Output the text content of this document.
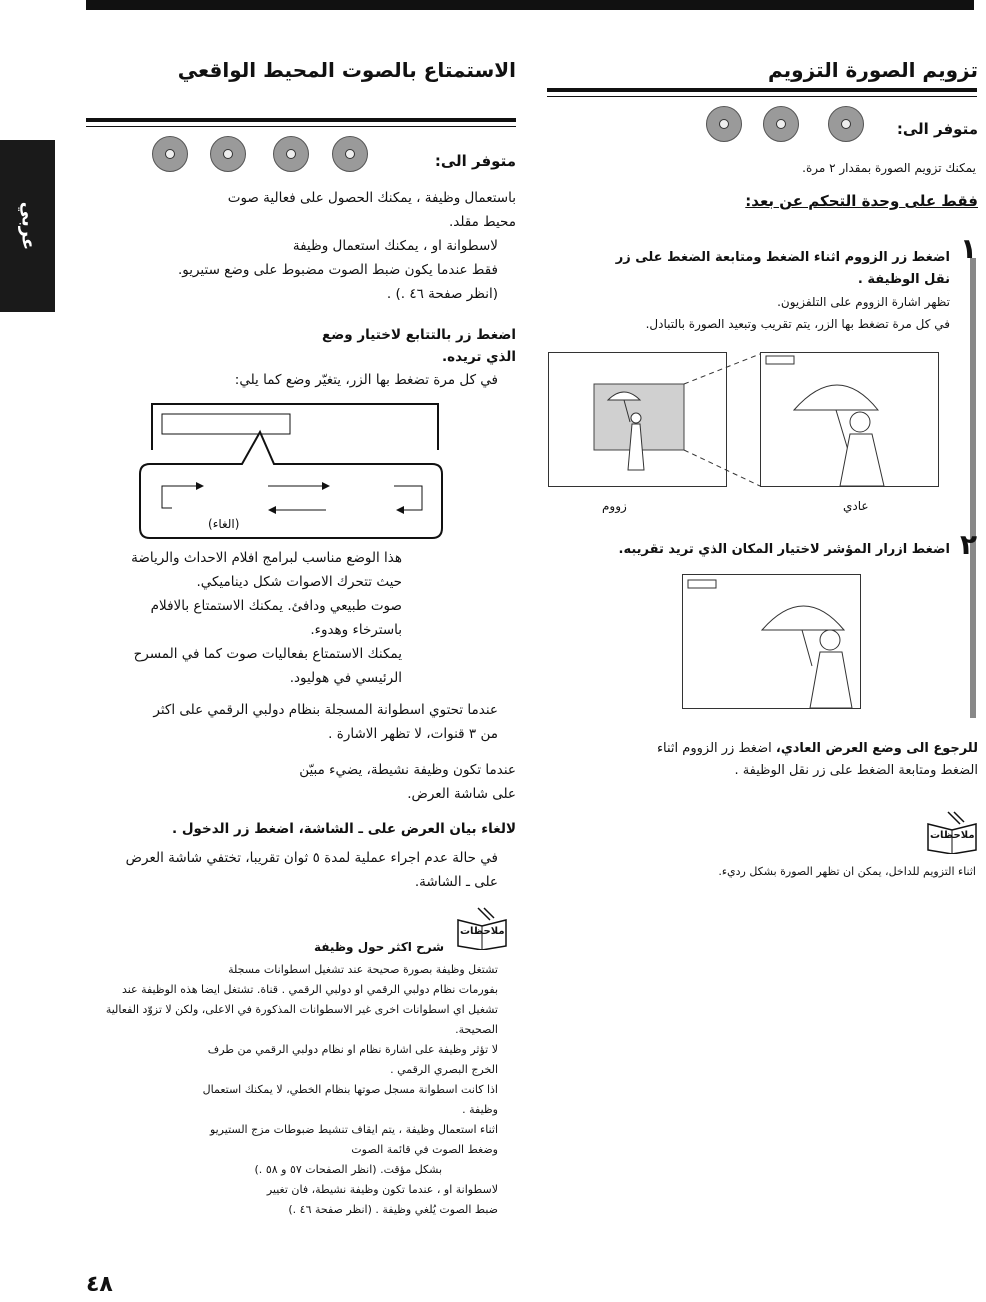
عربي
تزويم الصورة التزويم
متوفر الى:
يمكنك تزويم الصورة بمقدار ٢ مرة.
فقط على وحدة التحكم عن بعد:
١
اضغط زر الزووم اثناء الضغط ومتابعة الضغط على زر
نقل الوظيفة .
تظهر اشارة الزووم على التلفزيون.
في كل مرة تضغط بها الزر، يتم تقريب وتبعيد الصورة بالتبادل.
زووم	عادي
٢
اضغط ازرار المؤشر لاختيار المكان الذي تريد تقريبه.
للرجوع الى وضع العرض العادي، اضغط زر الزووم اثناء
الضغط ومتابعة الضغط على زر نقل الوظيفة .
ملاحظات
اثناء التزويم للداخل، يمكن ان تظهر الصورة بشكل رديء.
الاستمتاع بالصوت المحيط الواقعي
متوفر الى:
باستعمال وظيفة ، يمكنك الحصول على فعالية صوت
محيط مقلد.
لاسطوانة او ، يمكنك استعمال وظيفة
فقط عندما يكون ضبط الصوت مضبوط على وضع ستيريو.
(انظر صفحة ٤٦ .) .
اضغط زر بالتتابع لاختيار وضع
الذي تريده.
في كل مرة تضغط بها الزر، يتغيّر وضع كما يلي:
(الغاء)
هذا الوضع مناسب لبرامج افلام الاحداث والرياضة
حيث تتحرك الاصوات شكل ديناميكي.
صوت طبيعي ودافئ. يمكنك الاستمتاع بالافلام
باسترخاء وهدوء.
يمكنك الاستمتاع بفعاليات صوت كما في المسرح
الرئيسي في هوليود.
عندما تحتوي اسطوانة المسجلة بنظام دولبي الرقمي على اكثر
من ٣ قنوات، لا تظهر الاشارة .
عندما تكون وظيفة نشيطة، يضيء مبيّن
على شاشة العرض.
لالغاء بيان العرض على ـ الشاشة، اضغط زر الدخول .
في حالة عدم اجراء عملية لمدة ٥ ثوان تقريبا، تختفي شاشة العرض
على ـ الشاشة.
ملاحظات
شرح اكثر حول وظيفة
تشتغل وظيفة بصورة صحيحة عند تشغيل اسطوانات مسجلة
بفورمات نظام دولبي الرقمي او دولبي الرقمي . قناة. تشتغل ايضا هذه الوظيفة عند
تشغيل اي اسطوانات اخرى غير الاسطوانات المذكورة في الاعلى، ولكن لا تزوّد الفعالية
الصحيحة.
لا تؤثر وظيفة على اشارة نظام او نظام دولبي الرقمي من طرف
الخرج البصري الرقمي .
اذا كانت اسطوانة مسجل صوتها بنظام الخطي، لا يمكنك استعمال
وظيفة .
اثناء استعمال وظيفة ، يتم ايقاف تنشيط ضبوطات مزج الستيريو
وضغط الصوت في قائمة الصوت
بشكل مؤقت. (انظر الصفحات ٥٧ و ٥٨ .)
لاسطوانة او ، عندما تكون وظيفة نشيطة، فان تغيير
ضبط الصوت يُلغي وظيفة . (انظر صفحة ٤٦ .)
٤٨
